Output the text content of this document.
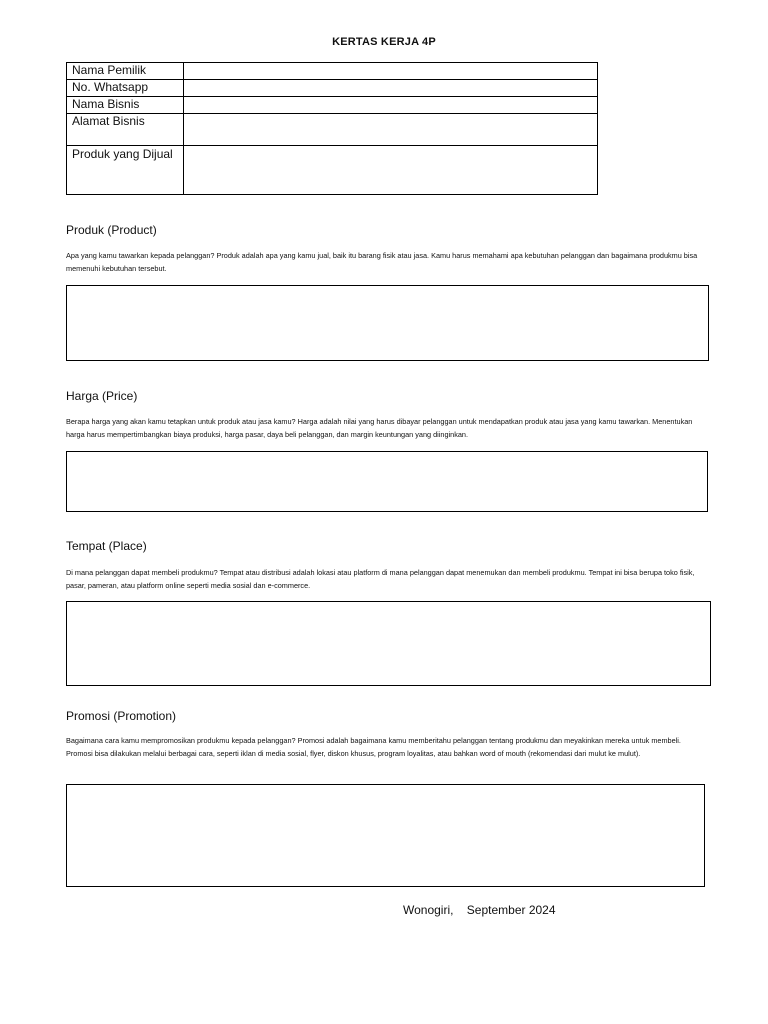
KERTAS KERJA 4P
Nama Pemilik	
No. Whatsapp	
Nama Bisnis	
Alamat Bisnis	
Produk yang Dijual	
Produk (Product)
Apa yang kamu tawarkan kepada pelanggan? Produk adalah apa yang kamu jual, baik itu barang fisik atau jasa. Kamu harus memahami apa kebutuhan pelanggan dan bagaimana produkmu bisa memenuhi kebutuhan tersebut.
Harga (Price)
Berapa harga yang akan kamu tetapkan untuk produk atau jasa kamu? Harga adalah nilai yang harus dibayar pelanggan untuk mendapatkan produk atau jasa yang kamu tawarkan. Menentukan harga harus mempertimbangkan biaya produksi, harga pasar, daya beli pelanggan, dan margin keuntungan yang diinginkan.
Tempat (Place)
Di mana pelanggan dapat membeli produkmu? Tempat atau distribusi adalah lokasi atau platform di mana pelanggan dapat menemukan dan membeli produkmu. Tempat ini bisa berupa toko fisik, pasar, pameran, atau platform online seperti media sosial dan e-commerce.
Promosi (Promotion)
Bagaimana cara kamu mempromosikan produkmu kepada pelanggan? Promosi adalah bagaimana kamu memberitahu pelanggan tentang produkmu dan meyakinkan mereka untuk membeli. Promosi bisa dilakukan melalui berbagai cara, seperti iklan di media sosial, flyer, diskon khusus, program loyalitas, atau bahkan word of mouth (rekomendasi dari mulut ke mulut).
Wonogiri,    September 2024
